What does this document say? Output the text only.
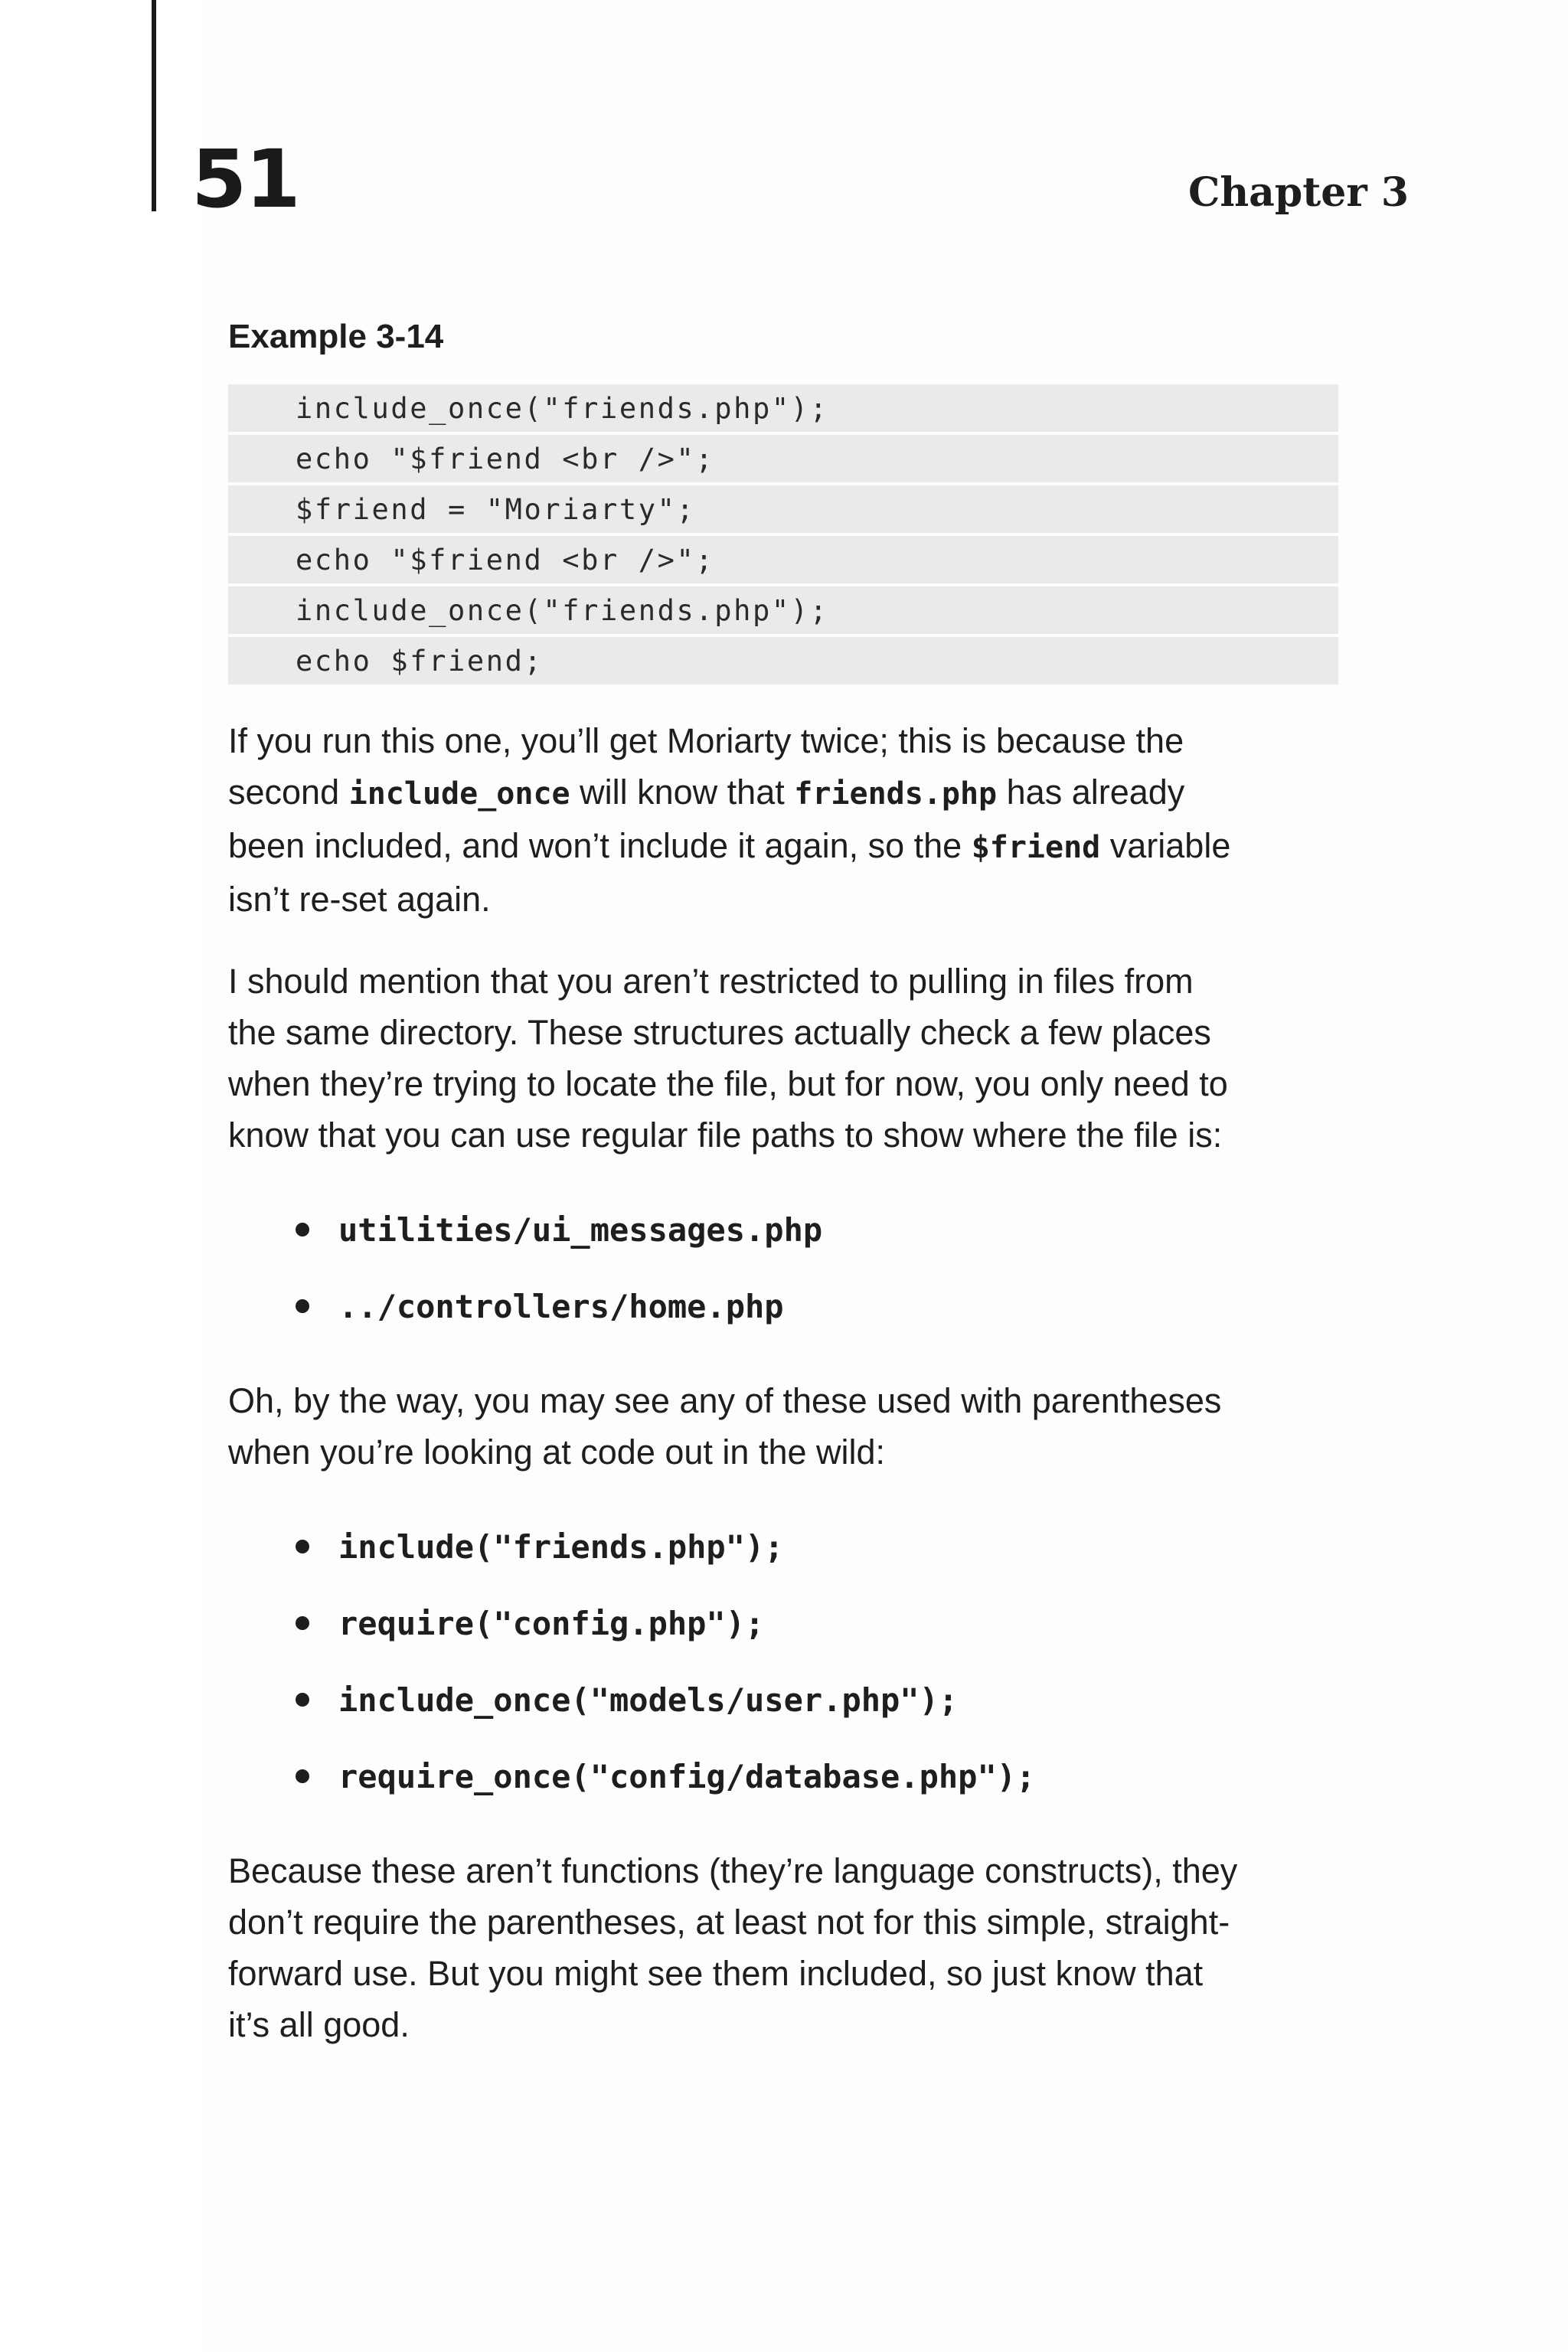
51	Chapter 3
Example 3-14
include_once("friends.php");
echo "$friend <br />";
$friend = "Moriarty";
echo "$friend <br />";
include_once("friends.php");
echo $friend;
If you run this one, you’ll get Moriarty twice; this is because the
second include_once will know that friends.php has already
been included, and won’t include it again, so the $friend variable
isn’t re-set again.
I should mention that you aren’t restricted to pulling in files from
the same directory. These structures actually check a few places
when they’re trying to locate the file, but for now, you only need to
know that you can use regular file paths to show where the file is:
utilities/ui_messages.php
../controllers/home.php
Oh, by the way, you may see any of these used with parentheses
when you’re looking at code out in the wild:
include("friends.php");
require("config.php");
include_once("models/user.php");
require_once("config/database.php");
Because these aren’t functions (they’re language constructs), they
don’t require the parentheses, at least not for this simple, straight-
forward use. But you might see them included, so just know that
it’s all good.
